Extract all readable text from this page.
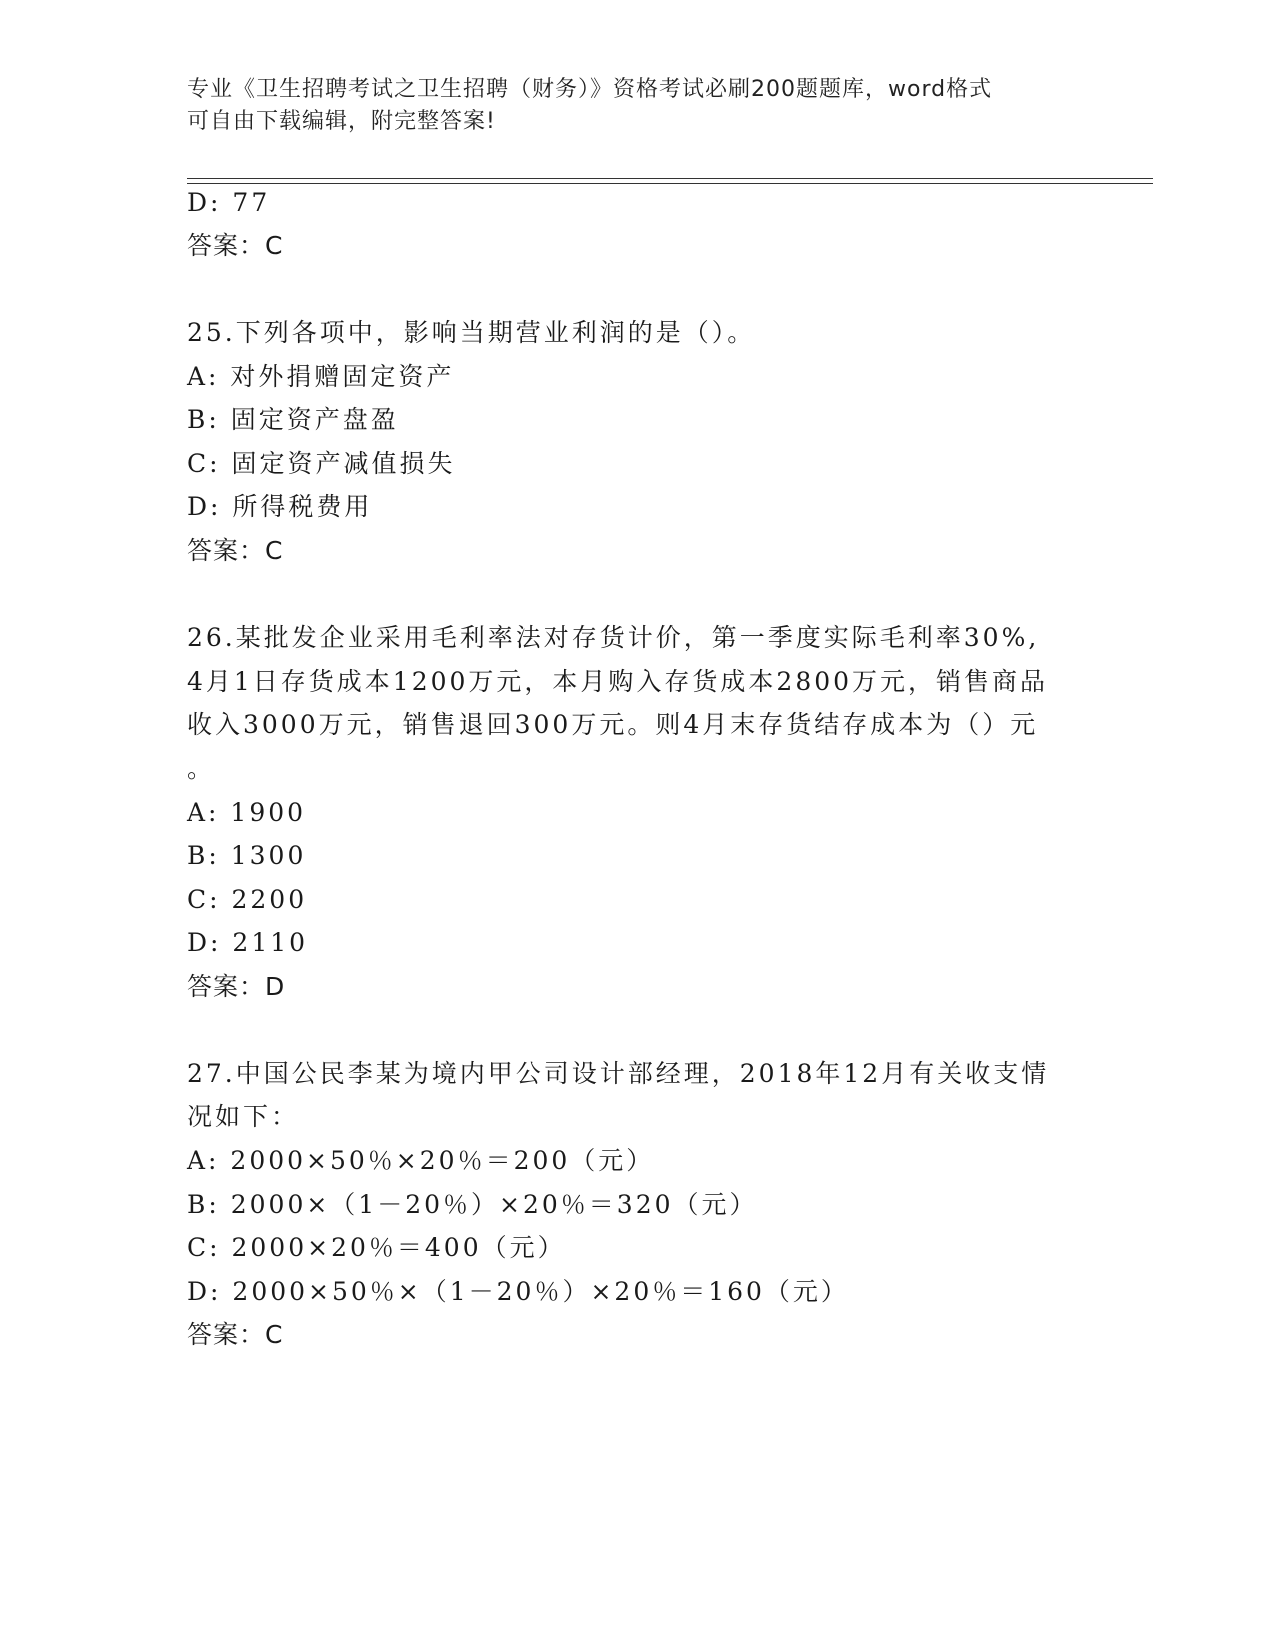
专业《卫生招聘考试之卫生招聘（财务）》资格考试必刷200题题库，word格式
可自由下载编辑，附完整答案!
D: 77
答案：C
25.下列各项中，影响当期营业利润的是（）。
A: 对外捐赠固定资产
B: 固定资产盘盈
C: 固定资产减值损失
D: 所得税费用
答案：C
26.某批发企业采用毛利率法对存货计价，第一季度实际毛利率30%,
4月1日存货成本1200万元，本月购入存货成本2800万元，销售商品
收入3000万元，销售退回300万元。则4月末存货结存成本为（）元
。
A: 1900
B: 1300
C: 2200
D: 2110
答案：D
27.中国公民李某为境内甲公司设计部经理，2018年12月有关收支情
况如下：
A: 2000×50％×20％＝200（元）
B: 2000×（1－20％）×20％＝320（元）
C: 2000×20％＝400（元）
D: 2000×50％×（1－20％）×20％＝160（元）
答案：C
